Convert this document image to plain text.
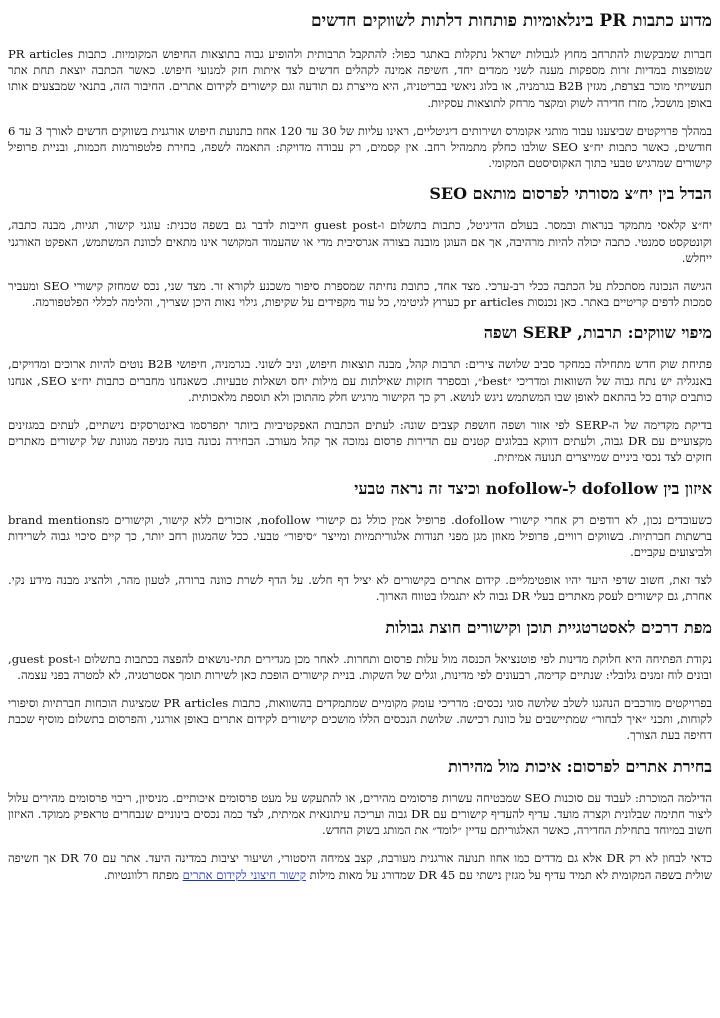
מדוע כתבות PR בינלאומיות פותחות דלתות לשווקים חדשים

חברות שמבקשות להתרחב מחוץ לגבולות ישראל נתקלות באתגר כפול: להתקבל תרבותית ולהופיע גבוה בתוצאות החיפוש המקומיות. כתבות PR articles שמופצות במדיות זרות מספקות מענה לשני ממדים יחד, חשיפה אמינה לקהלים חדשים לצד איתות חזק למנועי חיפוש. כאשר הכתבה יוצאת תחת אתר תעשייתי מוכר בצרפת, מגזין B2B בגרמניה, או בלוג ניאשי בבריטניה, היא מייצרת גם תודעה וגם קישורים לקידום אתרים. החיבור הזה, בתנאי שמבצעים אותו באופן מושכל, מזרז חדירה לשוק ומקצר מרחק לתוצאות עסקיות.

במהלך פרויקטים שביצענו עבור מותגי אקומרס ושירותים דיגיטליים, ראינו עליות של 30 עד 120 אחוז בתנועת חיפוש אורגנית בשווקים חדשים לאורך 3 עד 6 חודשים, כאשר כתבות יח״צ SEO שולבו כחלק מתמהיל רחב. אין קסמים, רק עבודה מדויקת: התאמה לשפה, בחירת פלטפורמות חכמות, ובניית פרופיל קישורים שמרגיש טבעי בתוך האקוסיסטם המקומי.

הבדל בין יח״צ מסורתי לפרסום מותאם SEO

יח״צ קלאסי מתמקד בנראות ובמסר. בעולם הדיגיטל, כתבות בתשלום ו-guest post חייבות לדבר גם בשפה טכנית: עוגני קישור, תגיות, מבנה כתבה, וקונטקסט סמנטי. כתבה יכולה להיות מרהיבה, אך אם העוגן מובנה בצורה אגרסיבית מדי או שהעמוד המקושר אינו מתאים לכוונת המשתמש, האפקט האורגני ייחלש.

הגישה הנכונה מסתכלת על הכתבה ככלי רב-ערכי. מצד אחד, כתובת נחיתה שמספרת סיפור משכנע לקורא זר. מצד שני, נכס שמחזק קישורי SEO ומעביר סמכות לדפים קריטיים באתר. כאן נכנסות pr articles כערוץ לגיטימי, כל עוד מקפידים על שקיפות, גילוי נאות היכן שצריך, והלימה לכללי הפלטפורמה.

מיפוי שווקים: תרבות, SERP ושפה

פתיחת שוק חדש מתחילה במחקר סביב שלושה צירים: תרבות קהל, מבנה תוצאות חיפוש, וניב לשוני. בגרמניה, חיפושי B2B נוטים להיות ארוכים ומדויקים, באנגליה יש נתח גבוה של השוואות ומדריכי ״best״, ובספרד חזקות שאילתות עם מילות יחס ושאלות טבעיות. כשאנחנו מחברים כתבות יח״צ SEO, אנחנו כותבים קודם כל בהתאם לאופן שבו המשתמש ניגש לנושא. רק כך הקישור מרגיש חלק מהתוכן ולא תוספת מלאכותית.

בדיקת מקדימה של ה-SERP לפי אזור ושפה חושפת קצבים שונה: לעתים הכתבות האפקטיביות ביותר יתפרסמו באינטרסקים נישתיים, לעתים במגזינים מקצועיים עם DR גבוה, ולעתים דווקא בבלוגים קטנים עם תדירות פרסום נמוכה אך קהל מעורב. הבחירה נכונה בונה מניפה מגוונת של קישורים מאתרים חזקים לצד נכסי ביניים שמייצרים תנועה אמיתית.

איזון בין dofollow ל-nofollow וכיצד זה נראה טבעי

כשעובדים נכון, לא רודפים רק אחרי קישורי dofollow. פרופיל אמין כולל גם קישורי nofollow, אזכורים ללא קישור, וקישורים מbrand mentions ברשתות חברתיות. בשווקים רוויים, פרופיל מאוזן מגן מפני תנודות אלגוריתמיות ומייצר ״סיפור״ טבעי. ככל שהמגוון רחב יותר, כך קיים סיכוי גבוה לשרידות ולביצועים עקביים.

לצד זאת, חשוב שדפי היעד יהיו אופטימליים. קידום אתרים בקישורים לא יציל דף חלש. על הדף לשרת כוונה ברורה, לטעון מהר, ולהציג מבנה מידע נקי. אחרת, גם קישורים לעסק מאתרים בעלי DR גבוה לא יתגמלו בטווח הארוך.

מפת דרכים לאסטרטגיית תוכן וקישורים חוצת גבולות

נקודת הפתיחה היא חלוקת מדינות לפי פוטנציאל הכנסה מול עלות פרסום ותחרות. לאחר מכן מגדירים תתי-נושאים להפצה בכתבות בתשלום ו-guest post, ובונים לוח זמנים גלובלי: שנתיים קדימה, רבעונים לפי מדינות, וגלים של השקות. בניית קישורים הופכת כאן לשירות תומך אסטרטגיה, לא למטרה בפני עצמה.

בפרויקטים מורכבים הנהגנו לשלב שלושה סוגי נכסים: מדריכי עומק מקומיים שמתמקדים בהשוואות, כתבות PR articles שמציגות הוכחות חברתיות וסיפורי לקוחות, ותכני ״איך לבחור״ שמתיישבים על כוונת רכישה. שלושת הנכסים הללו מושכים קישורים לקידום אתרים באופן אורגני, והפרסום בתשלום מוסיף שכבת דחיפה בעת הצורך.

בחירת אתרים לפרסום: איכות מול מהירות

הדילמה המוכרת: לעבוד עם סוכנות SEO שמבטיחה עשרות פרסומים מהירים, או להתעקש על מעט פרסומים איכותיים. מניסיון, ריבוי פרסומים מהירים עלול ליצור חתימה שבלונית וקצרה מועד. עדיף להעדיף קישורים עם DR גבוה ועריכה עיתונאית אמיתית, לצד כמה נכסים בינוניים שנבחרים טראפיק ממוקד. האיזון חשוב במיוחד בתחילת החדירה, כאשר האלגוריתם עדיין ״לומד״ את המותג בשוק החדש.

כדאי לבחון לא רק DR אלא גם מדדים כמו אחוז תנועה אורגנית מעורבת, קצב צמיחה היסטורי, ושיעור יציבות במדינה היעד. אתר עם DR 70 אך חשיפה שולית בשפה המקומית לא תמיד עדיף על מגזין נישתי עם DR 45 שמדורג על מאות מילות קישור חיצוני לקידום אתרים מפתח רלוונטיות.
